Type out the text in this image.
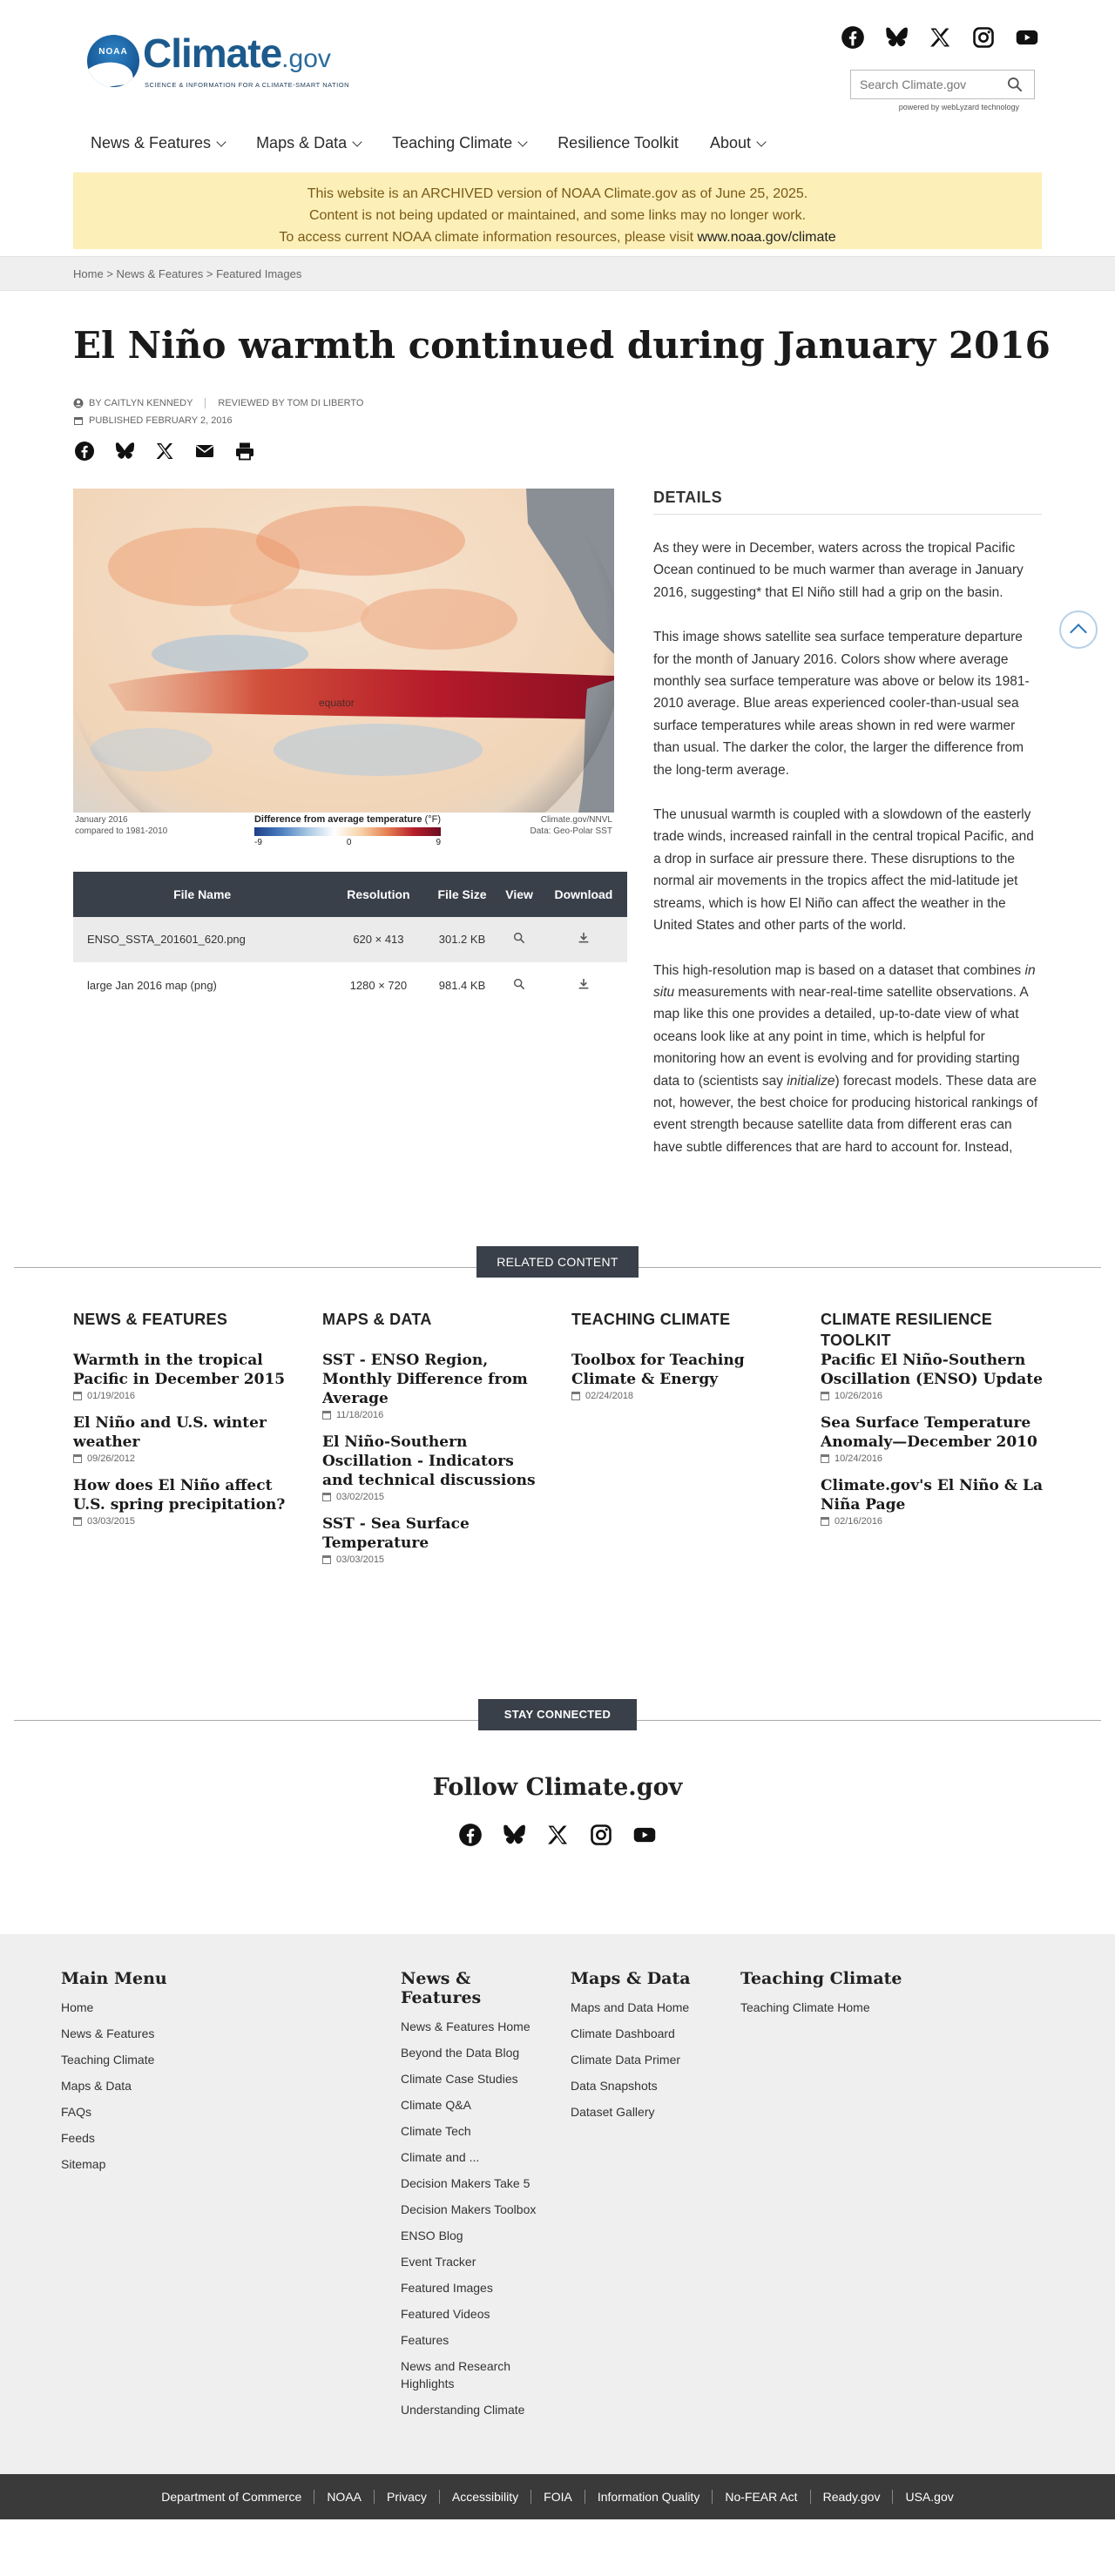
NOAA Climate.gov
SCIENCE & INFORMATION FOR A CLIMATE-SMART NATION
Search Climate.gov
powered by webLyzard technology
News & Features	Maps & Data	Teaching Climate	Resilience Toolkit About
This website is an ARCHIVED version of NOAA Climate.gov as of June 25, 2025.
Content is not being updated or maintained, and some links may no longer work.
To access current NOAA climate information resources, please visit www.noaa.gov/climate
Home
>
News & Features
>
Featured Images
El Niño warmth continued during January 2016
BY CAITLYN KENNEDY	REVIEWED BY TOM DI LIBERTO
PUBLISHED FEBRUARY 2, 2016
equator
January 2016
compared to 1981-2010
Difference from average temperature (°F)
-9	0	9
Climate.gov/NNVL
Data: Geo-Polar SST
File Name	Resolution	File Size	View	Download
ENSO_SSTA_201601_620.png	620 × 413	301.2 KB		
large Jan 2016 map (png)	1280 × 720	981.4 KB		
DETAILS

As they were in December, waters across the tropical Pacific Ocean continued to be much warmer than average in January 2016, suggesting* that El Niño still had a grip on the basin.

This image shows satellite sea surface temperature departure for the month of January 2016. Colors show where average monthly sea surface temperature was above or below its 1981-2010 average. Blue areas experienced cooler-than-usual sea surface temperatures while areas shown in red were warmer than usual. The darker the color, the larger the difference from the long-term average.

The unusual warmth is coupled with a slowdown of the easterly trade winds, increased rainfall in the central tropical Pacific, and a drop in surface air pressure there. These disruptions to the normal air movements in the tropics affect the mid-latitude jet streams, which is how El Niño can affect the weather in the United States and other parts of the world.

This high-resolution map is based on a dataset that combines in situ measurements with near-real-time satellite observations. A map like this one provides a detailed, up-to-date view of what oceans look like at any point in time, which is helpful for monitoring how an event is evolving and for providing starting data to (scientists say initialize) forecast models. These data are not, however, the best choice for producing historical rankings of event strength because satellite data from different eras can have subtle differences that are hard to account for. Instead,

RELATED CONTENT
NEWS & FEATURES
Warmth in the tropical Pacific in December 2015
01/19/2016
El Niño and U.S. winter weather
09/26/2012
How does El Niño affect U.S. spring precipitation?
03/03/2015
MAPS & DATA
SST - ENSO Region, Monthly Difference from Average
11/18/2016
El Niño-Southern Oscillation - Indicators and technical discussions
03/02/2015
SST - Sea Surface Temperature
03/03/2015
TEACHING CLIMATE
Toolbox for Teaching Climate & Energy
02/24/2018
CLIMATE RESILIENCE TOOLKIT
Pacific El Niño-Southern Oscillation (ENSO) Update
10/26/2016
Sea Surface Temperature Anomaly—December 2010
10/24/2016
Climate.gov's El Niño & La Niña Page
02/16/2016
STAY CONNECTED
Follow Climate.gov
Main Menu
Home
News & Features
Teaching Climate
Maps & Data
FAQs
Feeds
Sitemap
News & Features
News & Features Home
Beyond the Data Blog
Climate Case Studies
Climate Q&A
Climate Tech
Climate and ...
Decision Makers Take 5
Decision Makers Toolbox
ENSO Blog
Event Tracker
Featured Images
Featured Videos
Features
News and Research Highlights
Understanding Climate
Maps & Data
Maps and Data Home
Climate Dashboard
Climate Data Primer
Data Snapshots
Dataset Gallery
Teaching Climate
Teaching Climate Home
Department of Commerce	NOAA	Privacy	Accessibility	FOIA	Information Quality	No-FEAR Act	Ready.gov	USA.gov
